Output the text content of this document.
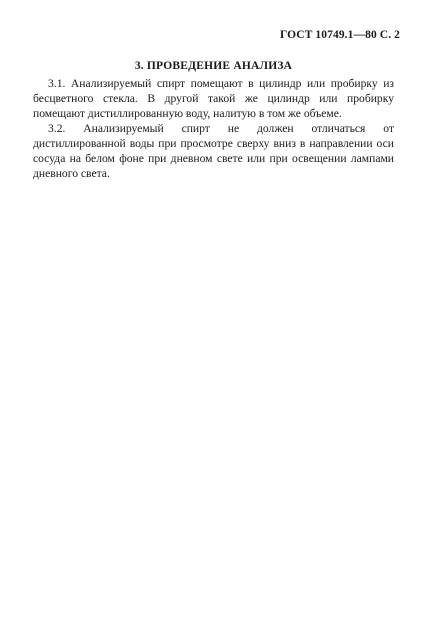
ГОСТ 10749.1—80 С. 2
3. ПРОВЕДЕНИЕ АНАЛИЗА

3.1. Анализируемый спирт помещают в цилиндр или пробирку из бесцветного стекла. В другой такой же цилиндр или пробирку помещают дистиллированную воду, налитую в том же объеме.

3.2. Анализируемый спирт не должен отличаться от дистиллированной воды при просмотре сверху вниз в направлении оси сосуда на белом фоне при дневном свете или при освещении лампами дневного света.
